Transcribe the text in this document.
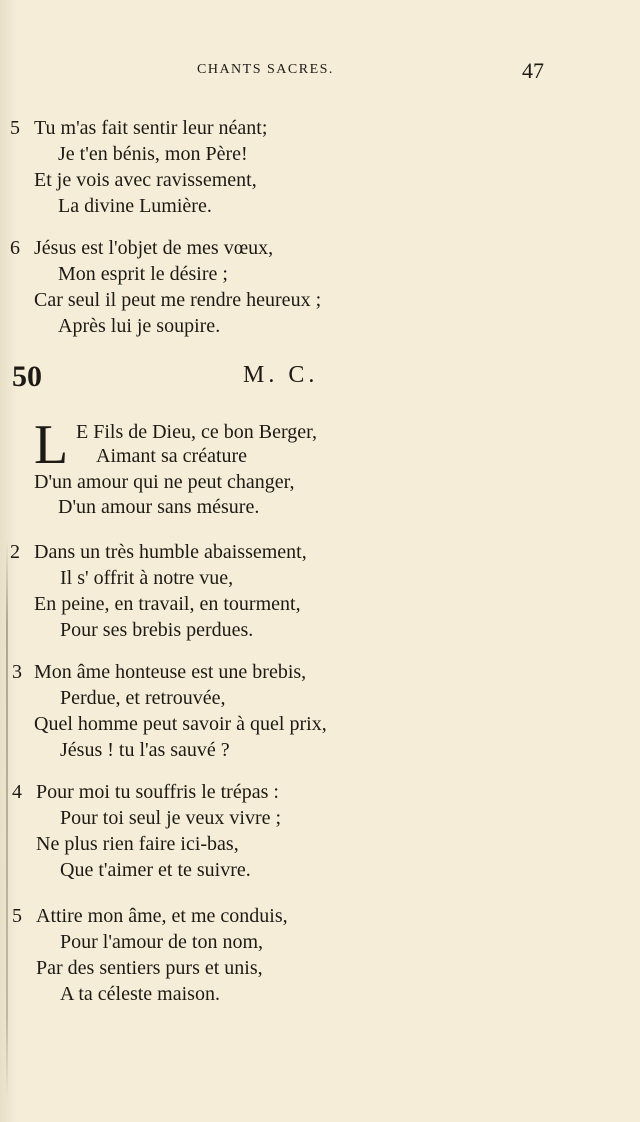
CHANTS SACRES.	47
5 Tu m'as fait sentir leur néant;
Je t'en bénis, mon Père!
Et je vois avec ravissement,
La divine Lumière.
6 Jésus est l'objet de mes vœux,
Mon esprit le désire ;
Car seul il peut me rendre heureux ;
Après lui je soupire.
50	M. C.
L E Fils de Dieu, ce bon Berger,
Aimant sa créature
D'un amour qui ne peut changer,
D'un amour sans mésure.
2 Dans un très humble abaissement,
Il s' offrit à notre vue,
En peine, en travail, en tourment,
Pour ses brebis perdues.
3 Mon âme honteuse est une brebis,
Perdue, et retrouvée,
Quel homme peut savoir à quel prix,
Jésus ! tu l'as sauvé ?
4 Pour moi tu souffris le trépas :
Pour toi seul je veux vivre ;
Ne plus rien faire ici-bas,
Que t'aimer et te suivre.
5 Attire mon âme, et me conduis,
Pour l'amour de ton nom,
Par des sentiers purs et unis,
A ta céleste maison.
